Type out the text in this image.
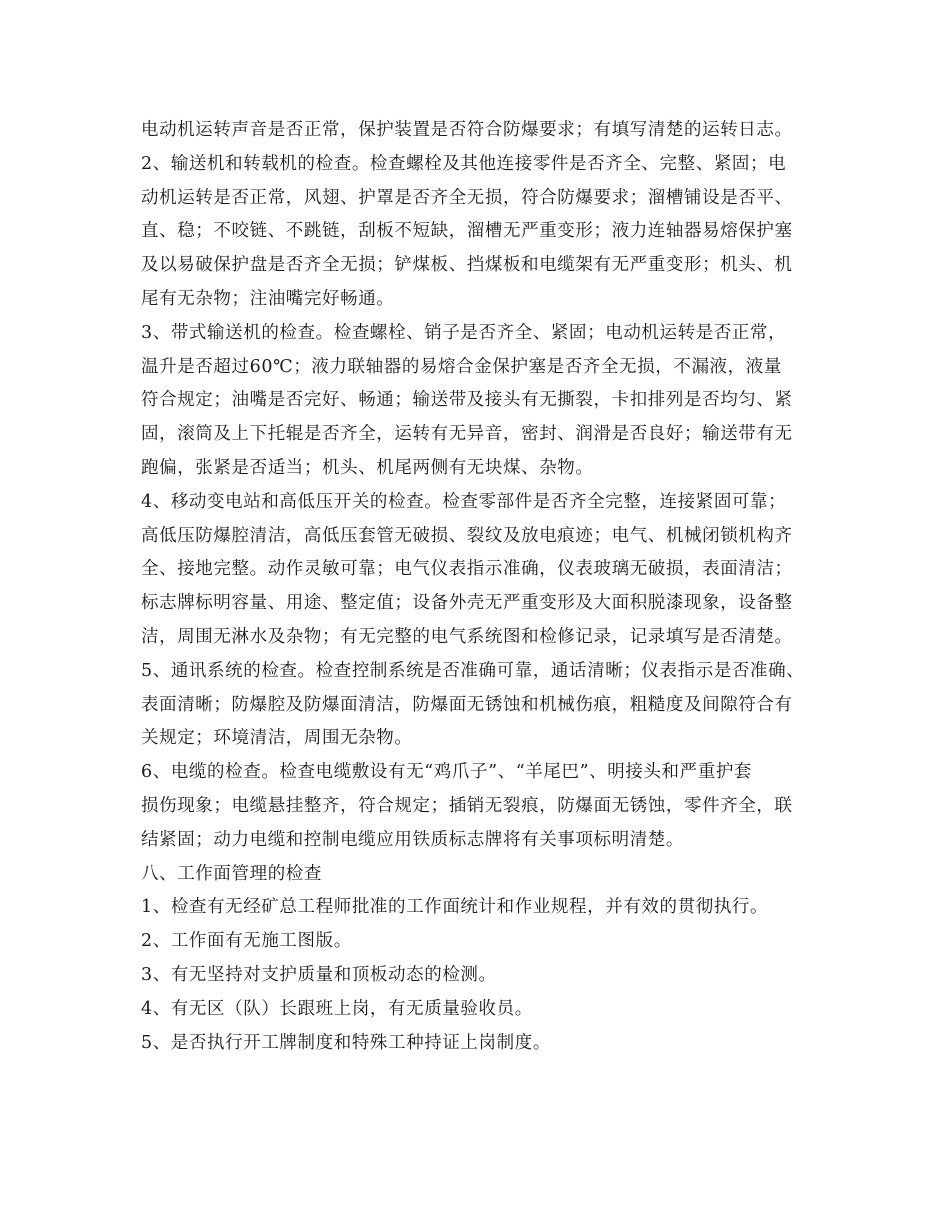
电动机运转声音是否正常，保护装置是否符合防爆要求；有填写清楚的运转日志。
2、输送机和转载机的检查。检查螺栓及其他连接零件是否齐全、完整、紧固；电
动机运转是否正常，风翅、护罩是否齐全无损，符合防爆要求；溜槽铺设是否平、
直、稳；不咬链、不跳链，刮板不短缺，溜槽无严重变形；液力连轴器易熔保护塞
及以易破保护盘是否齐全无损；铲煤板、挡煤板和电缆架有无严重变形；机头、机
尾有无杂物；注油嘴完好畅通。
3、带式输送机的检查。检查螺栓、销子是否齐全、紧固；电动机运转是否正常，
温升是否超过60℃；液力联轴器的易熔合金保护塞是否齐全无损，不漏液，液量
符合规定；油嘴是否完好、畅通；输送带及接头有无撕裂，卡扣排列是否均匀、紧
固，滚筒及上下托辊是否齐全，运转有无异音，密封、润滑是否良好；输送带有无
跑偏，张紧是否适当；机头、机尾两侧有无块煤、杂物。
4、移动变电站和高低压开关的检查。检查零部件是否齐全完整，连接紧固可靠；
高低压防爆腔清洁，高低压套管无破损、裂纹及放电痕迹；电气、机械闭锁机构齐
全、接地完整。动作灵敏可靠；电气仪表指示准确，仪表玻璃无破损，表面清洁；
标志牌标明容量、用途、整定值；设备外壳无严重变形及大面积脱漆现象，设备整
洁，周围无淋水及杂物；有无完整的电气系统图和检修记录，记录填写是否清楚。
5、通讯系统的检查。检查控制系统是否准确可靠，通话清晰；仪表指示是否准确、
表面清晰；防爆腔及防爆面清洁，防爆面无锈蚀和机械伤痕，粗糙度及间隙符合有
关规定；环境清洁，周围无杂物。
6、电缆的检查。检查电缆敷设有无“鸡爪子”、“羊尾巴”、明接头和严重护套
损伤现象；电缆悬挂整齐，符合规定；插销无裂痕，防爆面无锈蚀，零件齐全，联
结紧固；动力电缆和控制电缆应用铁质标志牌将有关事项标明清楚。
八、工作面管理的检查
1、检查有无经矿总工程师批准的工作面统计和作业规程，并有效的贯彻执行。
2、工作面有无施工图版。
3、有无坚持对支护质量和顶板动态的检测。
4、有无区（队）长跟班上岗，有无质量验收员。
5、是否执行开工牌制度和特殊工种持证上岗制度。
